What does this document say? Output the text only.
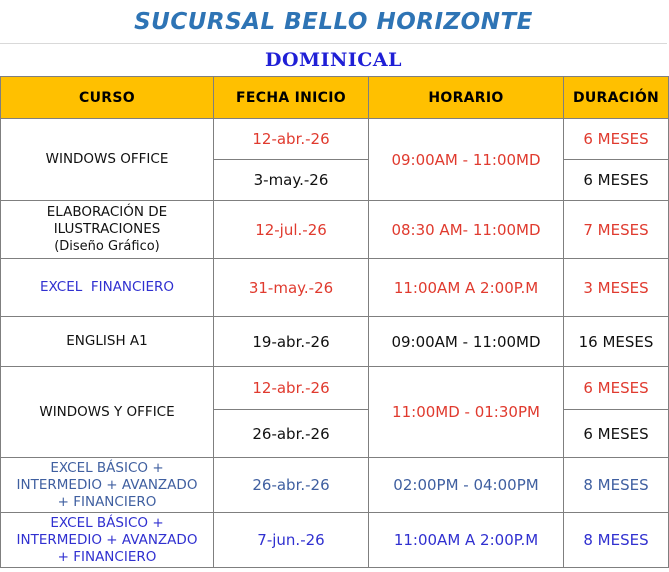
SUCURSAL BELLO HORIZONTE
DOMINICAL
CURSO	FECHA INICIO	HORARIO	DURACIÓN
WINDOWS OFFICE	12-abr.-26	09:00AM - 11:00MD	6 MESES
	3-may.-26		6 MESES

ELABORACIÓN DE
ILUSTRACIONES
(Diseño Gráfico)	12-jul.-26	08:30 AM- 11:00MD	7 MESES
EXCEL  FINANCIERO	31-may.-26	11:00AM A 2:00P.M	3 MESES
ENGLISH A1	19-abr.-26	09:00AM - 11:00MD	16 MESES
WINDOWS Y OFFICE	12-abr.-26	11:00MD - 01:30PM	6 MESES
	26-abr.-26		6 MESES

EXCEL BÁSICO +
INTERMEDIO + AVANZADO
+ FINANCIERO	26-abr.-26	02:00PM - 04:00PM	8 MESES

EXCEL BÁSICO +
INTERMEDIO + AVANZADO
+ FINANCIERO	7-jun.-26	11:00AM A 2:00P.M	8 MESES
